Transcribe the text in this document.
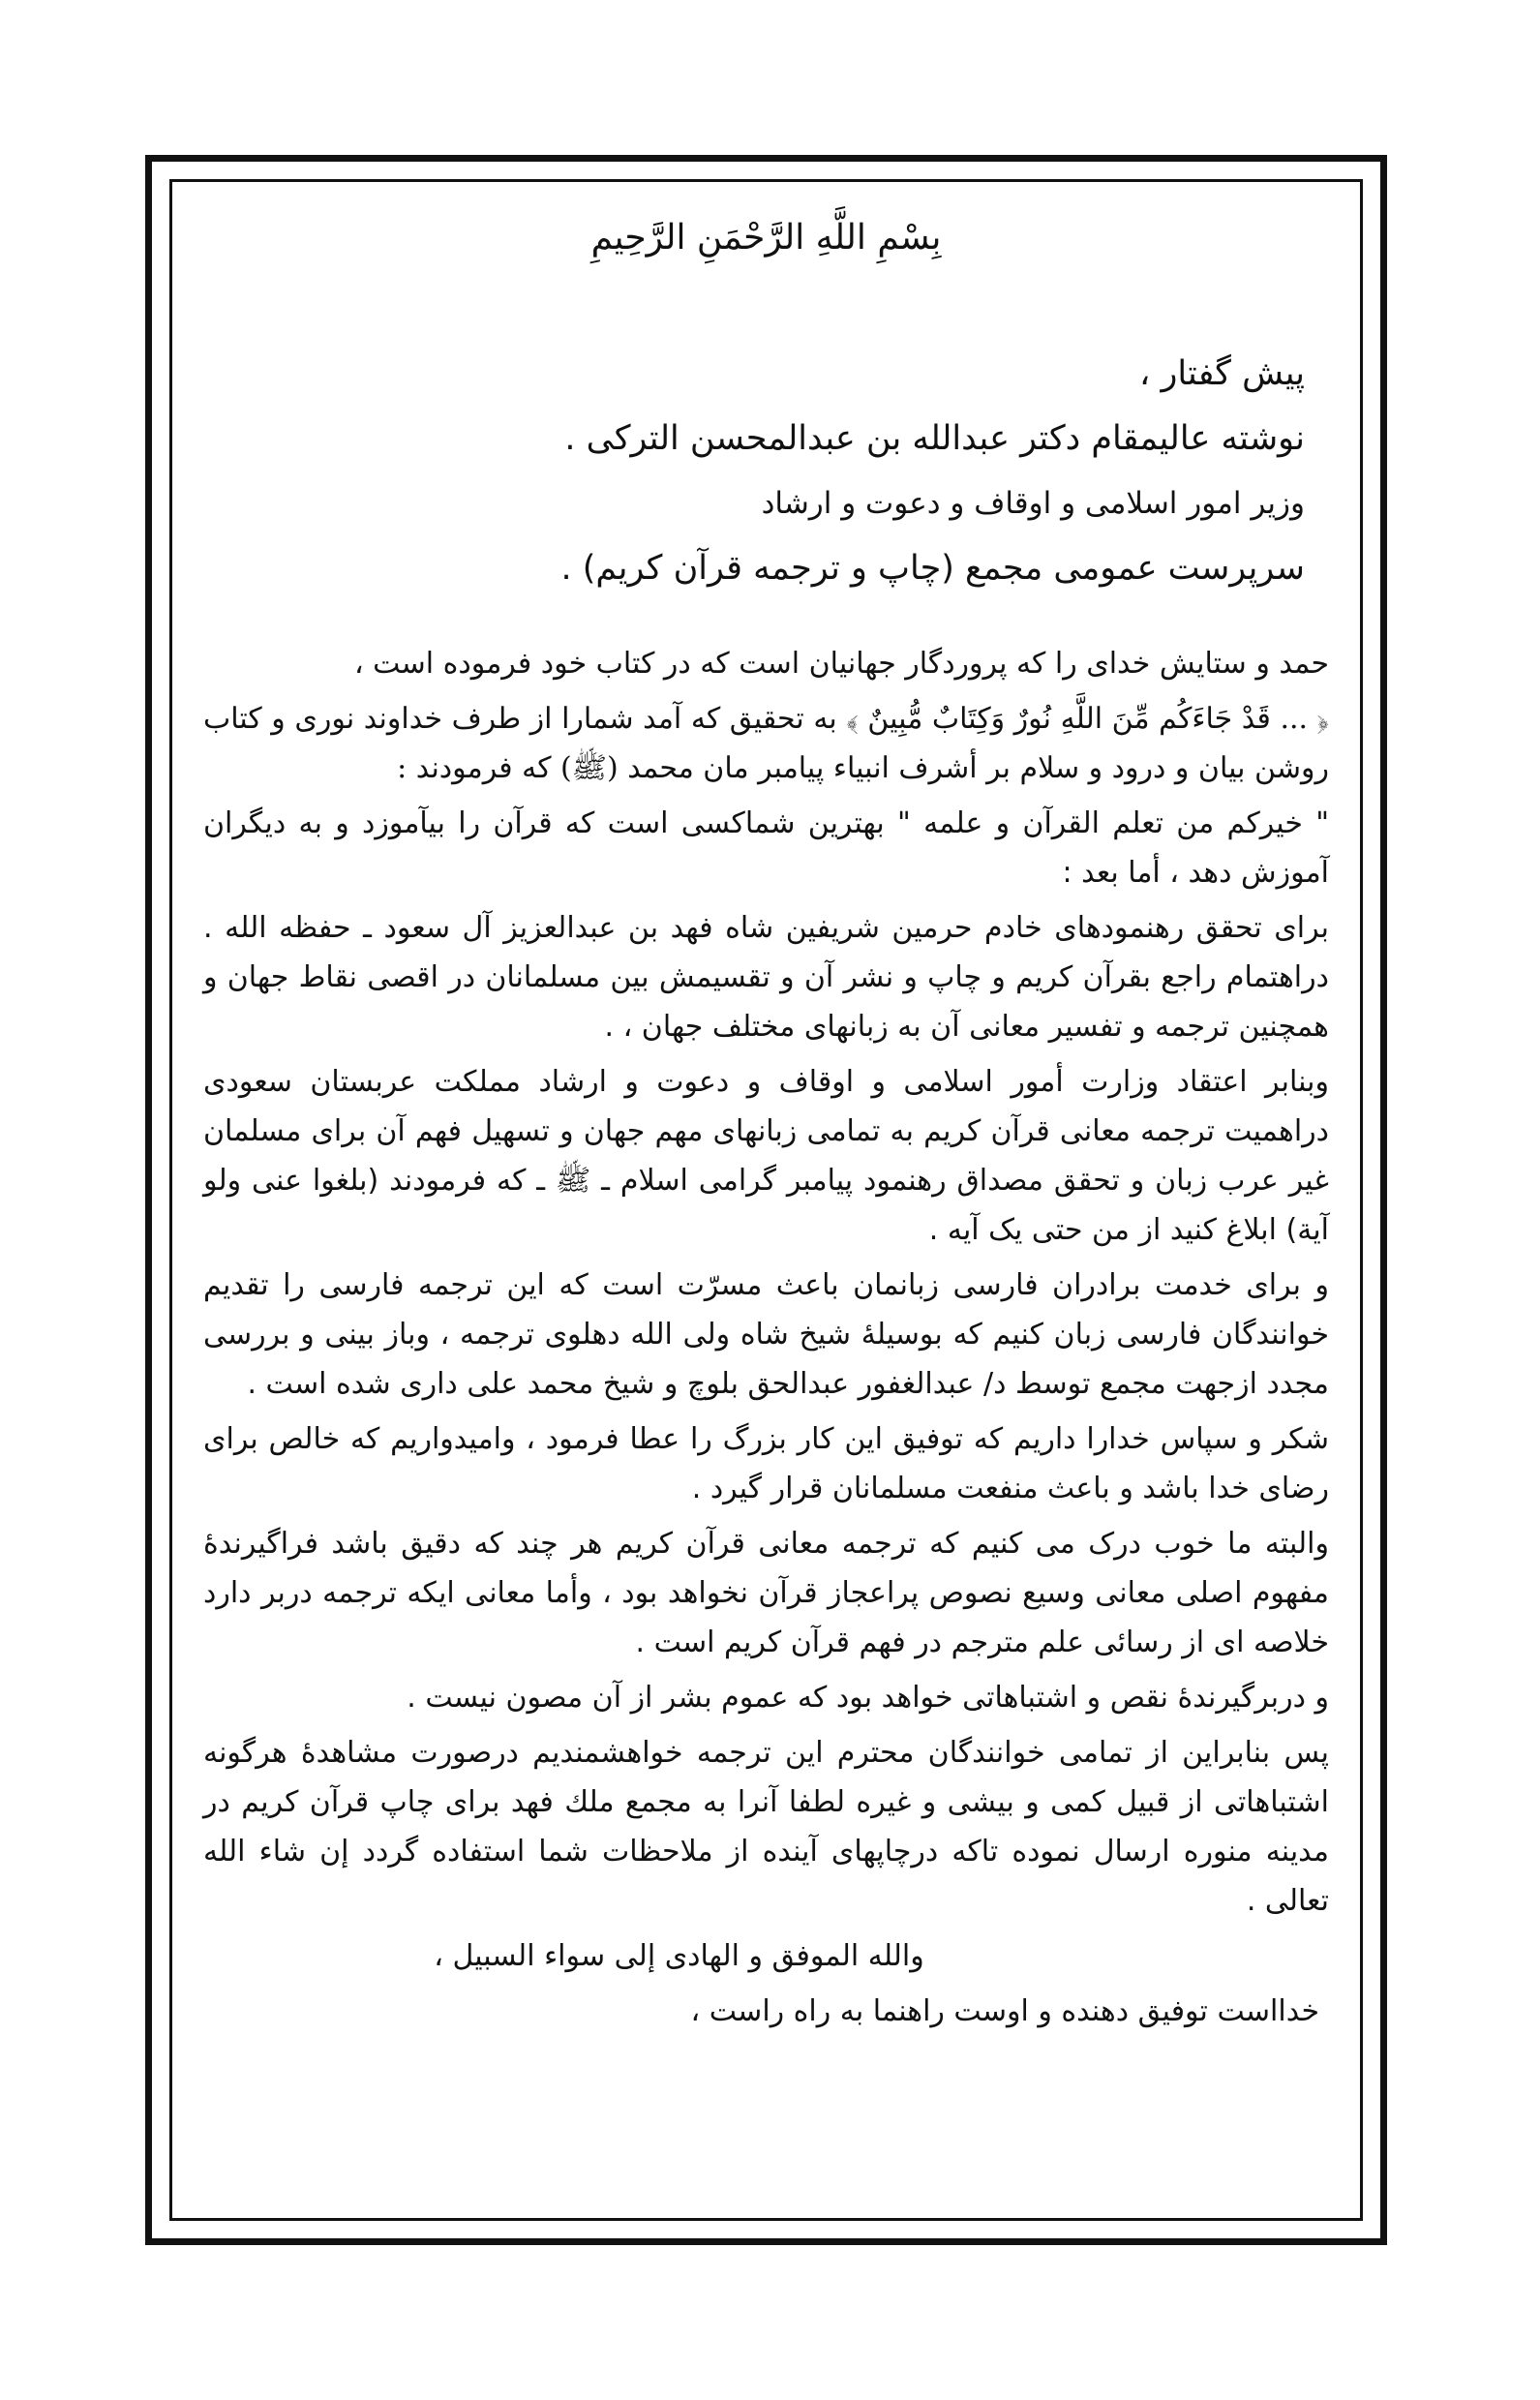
بِسْمِ اللَّهِ الرَّحْمَنِ الرَّحِيمِ
پیش گفتار ،
نوشته عالیمقام دکتر عبدالله بن عبدالمحسن الترکی .
وزیر امور اسلامی و اوقاف و دعوت و ارشاد
سرپرست عمومی مجمع (چاپ و ترجمه قرآن کریم) .

حمد و ستایش خدای را که پروردگار جهانیان است که در کتاب خود فرموده است ،

﴿ ... قَدْ جَاءَكُم مِّنَ اللَّهِ نُورٌ وَكِتَابٌ مُّبِينٌ ﴾ به تحقیق که آمد شمارا از طرف خداوند نوری و کتاب روشن بیان و درود و سلام بر أشرف انبیاء پیامبر مان محمد (ﷺ) که فرمودند :

" خیرکم من تعلم القرآن و علمه " بهترین شماکسی است که قرآن را بیآموزد و به دیگران آموزش دهد ، أما بعد :

برای تحقق رهنمودهای خادم حرمین شریفین شاه فهد بن عبدالعزیز آل سعود ـ حفظه الله . دراهتمام راجع بقرآن کریم و چاپ و نشر آن و تقسیمش بین مسلمانان در اقصی نقاط جهان و همچنین ترجمه و تفسیر معانی آن به زبانهای مختلف جهان ، .

وبنابر اعتقاد وزارت أمور اسلامی و اوقاف و دعوت و ارشاد مملکت عربستان سعودی دراهمیت ترجمه معانی قرآن کریم به تمامی زبانهای مهم جهان و تسهیل فهم آن برای مسلمان غیر عرب زبان و تحقق مصداق رهنمود پیامبر گرامی اسلام ـ ﷺ ـ که فرمودند (بلغوا عنی ولو آية) ابلاغ کنید از من حتی یک آیه .

و برای خدمت برادران فارسی زبانمان باعث مسرّت است که این ترجمه فارسی را تقدیم خوانندگان فارسی زبان کنیم که بوسیلهٔ شیخ شاه ولی الله دهلوی ترجمه ، وباز بینی و بررسی مجدد ازجهت مجمع توسط د/ عبدالغفور عبدالحق بلوچ و شیخ محمد علی داری شده است .

شکر و سپاس خدارا داریم که توفیق این کار بزرگ را عطا فرمود ، وامیدواریم که خالص برای رضای خدا باشد و باعث منفعت مسلمانان قرار گیرد .

والبته ما خوب درک می کنیم که ترجمه معانی قرآن کریم هر چند که دقیق باشد فراگیرندهٔ مفهوم اصلی معانی وسیع نصوص پراعجاز قرآن نخواهد بود ، وأما معانی ایکه ترجمه دربر دارد خلاصه ای از رسائی علم مترجم در فهم قرآن کریم است .

و دربرگیرندهٔ نقص و اشتباهاتی خواهد بود که عموم بشر از آن مصون نیست .

پس بنابراین از تمامی خوانندگان محترم این ترجمه خواهشمندیم درصورت مشاهدهٔ هرگونه اشتباهاتی از قبیل کمی و بیشی و غیره لطفا آنرا به مجمع ملك فهد برای چاپ قرآن کریم در مدینه منوره ارسال نموده تاکه درچاپهای آینده از ملاحظات شما استفاده گردد إن شاء الله تعالی .

والله الموفق و الهادی إلی سواء السبیل ،

خدااست توفیق دهنده و اوست راهنما به راه راست ،
